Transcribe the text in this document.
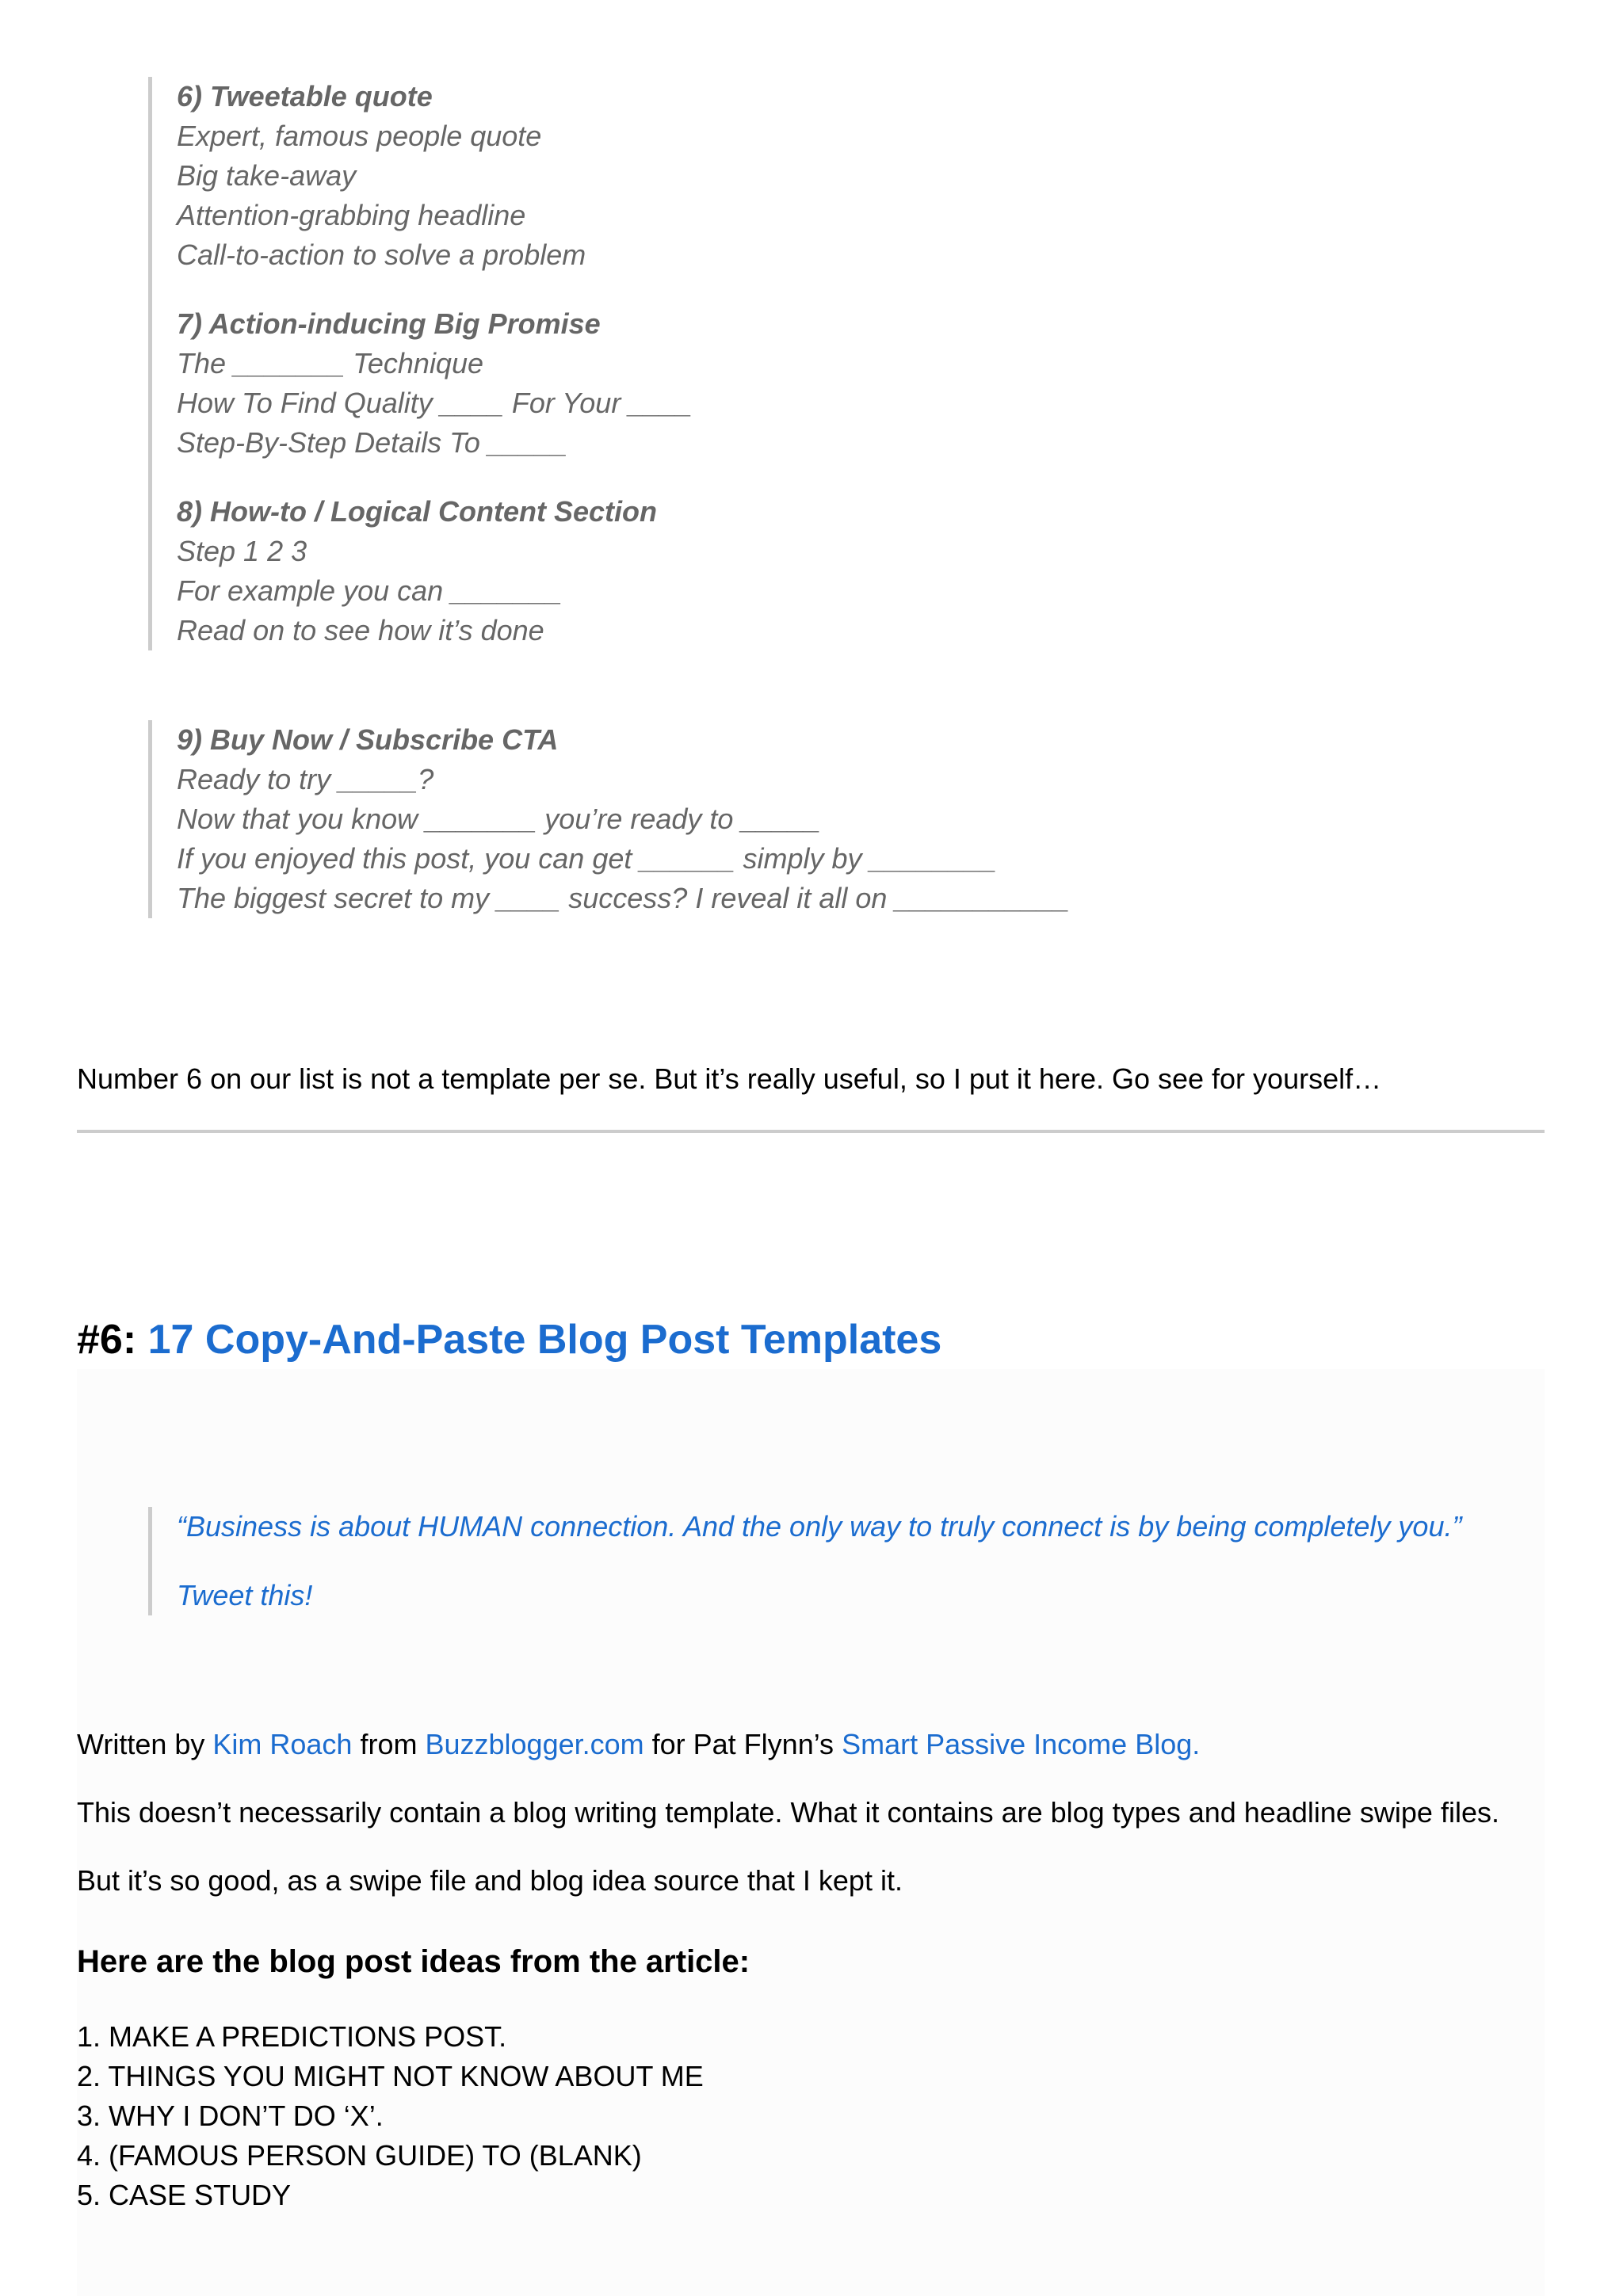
6) Tweetable quote
Expert, famous people quote
Big take-away
Attention-grabbing headline
Call-to-action to solve a problem
7) Action-inducing Big Promise
The _______ Technique
How To Find Quality ____ For Your ____
Step-By-Step Details To _____
8) How-to / Logical Content Section
Step 1 2 3
For example you can _______
Read on to see how it’s done
9) Buy Now / Subscribe CTA
Ready to try _____?
Now that you know _______ you’re ready to _____
If you enjoyed this post, you can get ______ simply by ________
The biggest secret to my ____ success? I reveal it all on ___________
Number 6 on our list is not a template per se. But it’s really useful, so I put it here. Go see for yourself…
#6: 17 Copy-And-Paste Blog Post Templates
“Business is about HUMAN connection. And the only way to truly connect is by being completely you.”
Tweet this!
Written by Kim Roach from Buzzblogger.com for Pat Flynn’s Smart Passive Income Blog.
This doesn’t necessarily contain a blog writing template. What it contains are blog types and headline swipe files.
But it’s so good, as a swipe file and blog idea source that I kept it.
Here are the blog post ideas from the article:
1. MAKE A PREDICTIONS POST.
2. THINGS YOU MIGHT NOT KNOW ABOUT ME
3. WHY I DON’T DO ‘X’.
4. (FAMOUS PERSON GUIDE) TO (BLANK)
5. CASE STUDY
